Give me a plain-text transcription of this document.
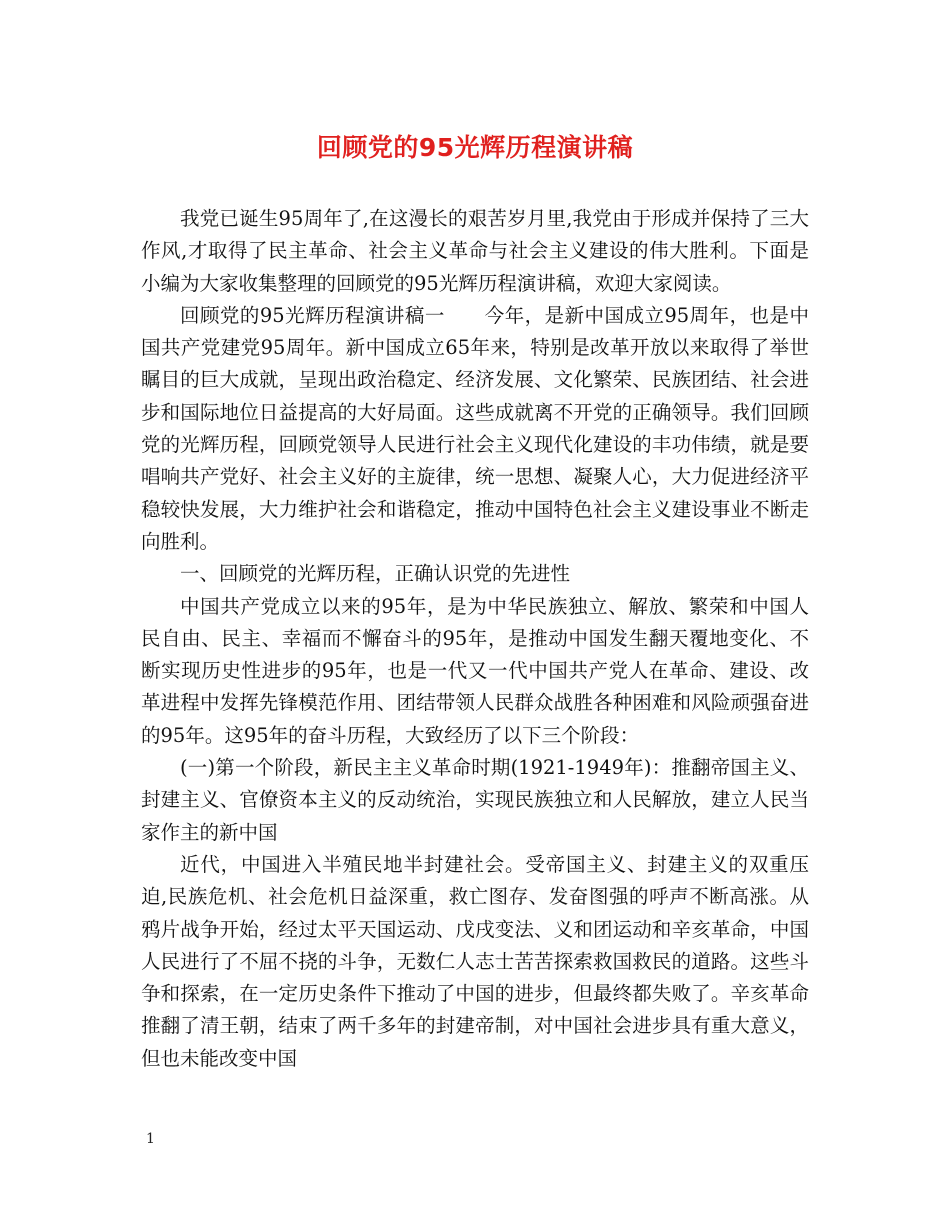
回顾党的95光辉历程演讲稿

我党已诞生95周年了,在这漫长的艰苦岁月里,我党由于形成并保持了三大作风,才取得了民主革命、社会主义革命与社会主义建设的伟大胜利。下面是小编为大家收集整理的回顾党的95光辉历程演讲稿，欢迎大家阅读。

回顾党的95光辉历程演讲稿一　　今年，是新中国成立95周年，也是中国共产党建党95周年。新中国成立65年来，特别是改革开放以来取得了举世瞩目的巨大成就，呈现出政治稳定、经济发展、文化繁荣、民族团结、社会进步和国际地位日益提高的大好局面。这些成就离不开党的正确领导。我们回顾党的光辉历程，回顾党领导人民进行社会主义现代化建设的丰功伟绩，就是要唱响共产党好、社会主义好的主旋律，统一思想、凝聚人心，大力促进经济平稳较快发展，大力维护社会和谐稳定，推动中国特色社会主义建设事业不断走向胜利。

一、回顾党的光辉历程，正确认识党的先进性

中国共产党成立以来的95年，是为中华民族独立、解放、繁荣和中国人民自由、民主、幸福而不懈奋斗的95年，是推动中国发生翻天覆地变化、不断实现历史性进步的95年，也是一代又一代中国共产党人在革命、建设、改革进程中发挥先锋模范作用、团结带领人民群众战胜各种困难和风险顽强奋进的95年。这95年的奋斗历程，大致经历了以下三个阶段：

(一)第一个阶段，新民主主义革命时期(1921-1949年)：推翻帝国主义、封建主义、官僚资本主义的反动统治，实现民族独立和人民解放，建立人民当家作主的新中国

近代，中国进入半殖民地半封建社会。受帝国主义、封建主义的双重压迫,民族危机、社会危机日益深重，救亡图存、发奋图强的呼声不断高涨。从鸦片战争开始，经过太平天国运动、戊戌变法、义和团运动和辛亥革命，中国人民进行了不屈不挠的斗争，无数仁人志士苦苦探索救国救民的道路。这些斗争和探索，在一定历史条件下推动了中国的进步，但最终都失败了。辛亥革命推翻了清王朝，结束了两千多年的封建帝制，对中国社会进步具有重大意义，但也未能改变中国

1
